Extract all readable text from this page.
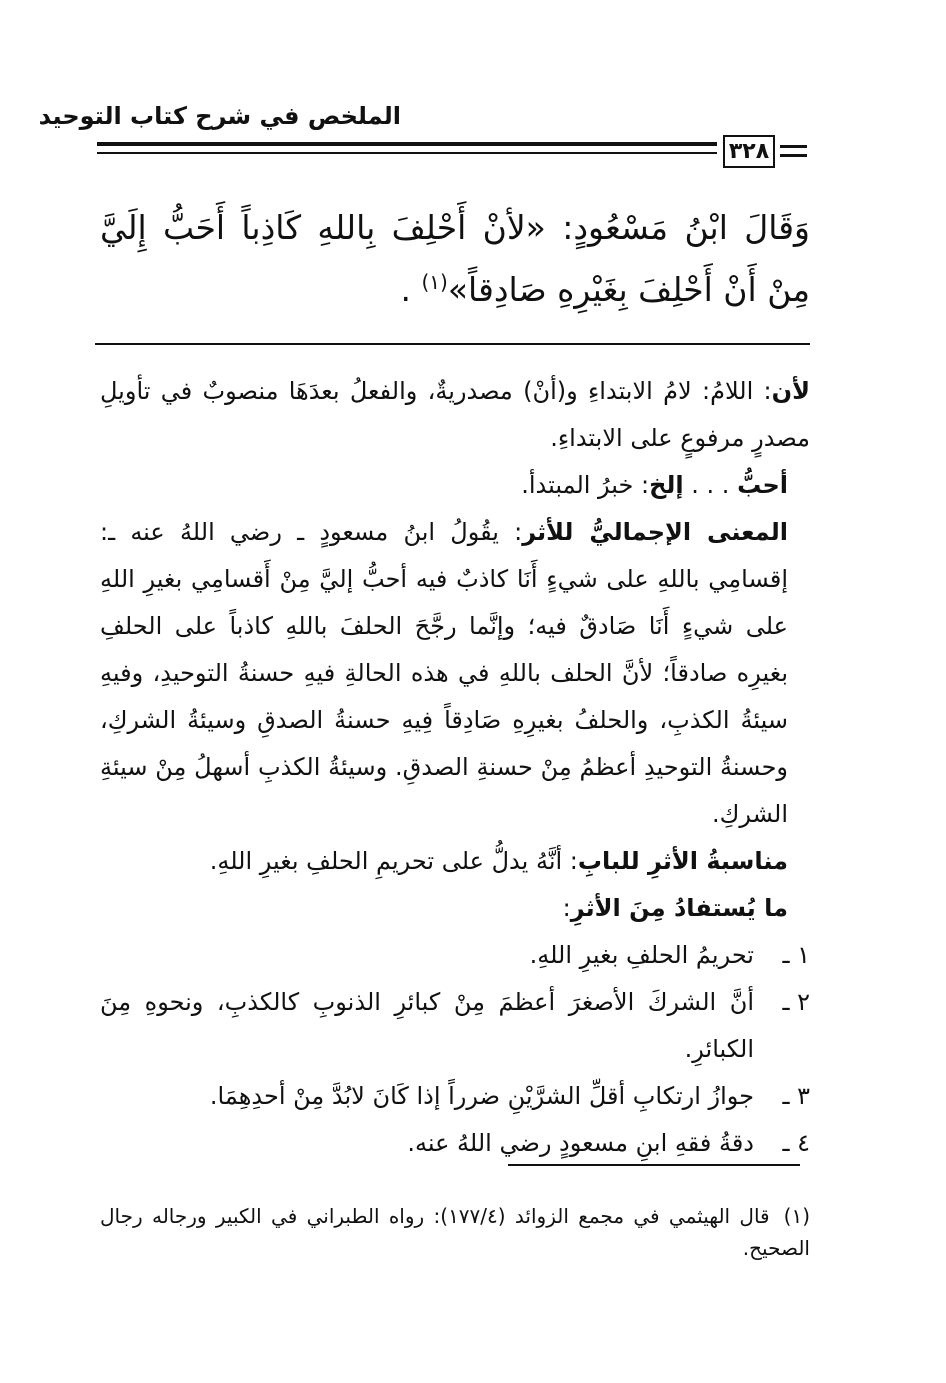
الملخص في شرح كتاب التوحيد
٣٢٨
وَقَالَ ابْنُ مَسْعُودٍ: «لأنْ أَحْلِفَ بِاللهِ كَاذِباً أَحَبُّ إِلَيَّ مِنْ أَنْ أَحْلِفَ بِغَيْرِهِ صَادِقاً»$^{(١)}$ .

لأن: اللامُ: لامُ الابتداءِ و(أنْ) مصدريةٌ، والفعلُ بعدَهَا منصوبٌ في تأويلِ مصدرٍ مرفوعٍ على الابتداءِ.

أحبُّ . . . إلخ: خبرُ المبتدأ.

المعنى الإجماليُّ للأثر: يقُولُ ابنُ مسعودٍ ـ رضي اللهُ عنه ـ: إقسامِي باللهِ على شيءٍ أَنَا كاذبٌ فيه أحبُّ إليَّ مِنْ أَقسامِي بغيرِ اللهِ على شيءٍ أَنَا صَادقٌ فيه؛ وإنَّما رجَّحَ الحلفَ باللهِ كاذباً على الحلفِ بغيرِه صادقاً؛ لأنَّ الحلف باللهِ في هذه الحالةِ فيهِ حسنةُ التوحيدِ، وفيهِ سيئةُ الكذبِ، والحلفُ بغيرِهِ صَادِقاً فِيهِ حسنةُ الصدقِ وسيئةُ الشركِ، وحسنةُ التوحيدِ أعظمُ مِنْ حسنةِ الصدقِ. وسيئةُ الكذبِ أسهلُ مِنْ سيئةِ الشركِ.

مناسبةُ الأثرِ للبابِ: أنَّهُ يدلُّ على تحريمِ الحلفِ بغيرِ اللهِ.

ما يُستفادُ مِنَ الأثرِ:

١ ـ
تحريمُ الحلفِ بغيرِ اللهِ.
٢ ـ
أنَّ الشركَ الأصغرَ أعظمَ مِنْ كبائرِ الذنوبِ كالكذبِ، ونحوهِ مِنَ الكبائرِ.
٣ ـ
جوازُ ارتكابِ أقلِّ الشرَّيْنِ ضرراً إذا كَانَ لابُدَّ مِنْ أحدِهِمَا.
٤ ـ
دقةُ فقهِ ابنِ مسعودٍ رضي اللهُ عنه.
(١)قال الهيثمي في مجمع الزوائد (١٧٧/٤): رواه الطبراني في الكبير ورجاله رجال الصحيح.
